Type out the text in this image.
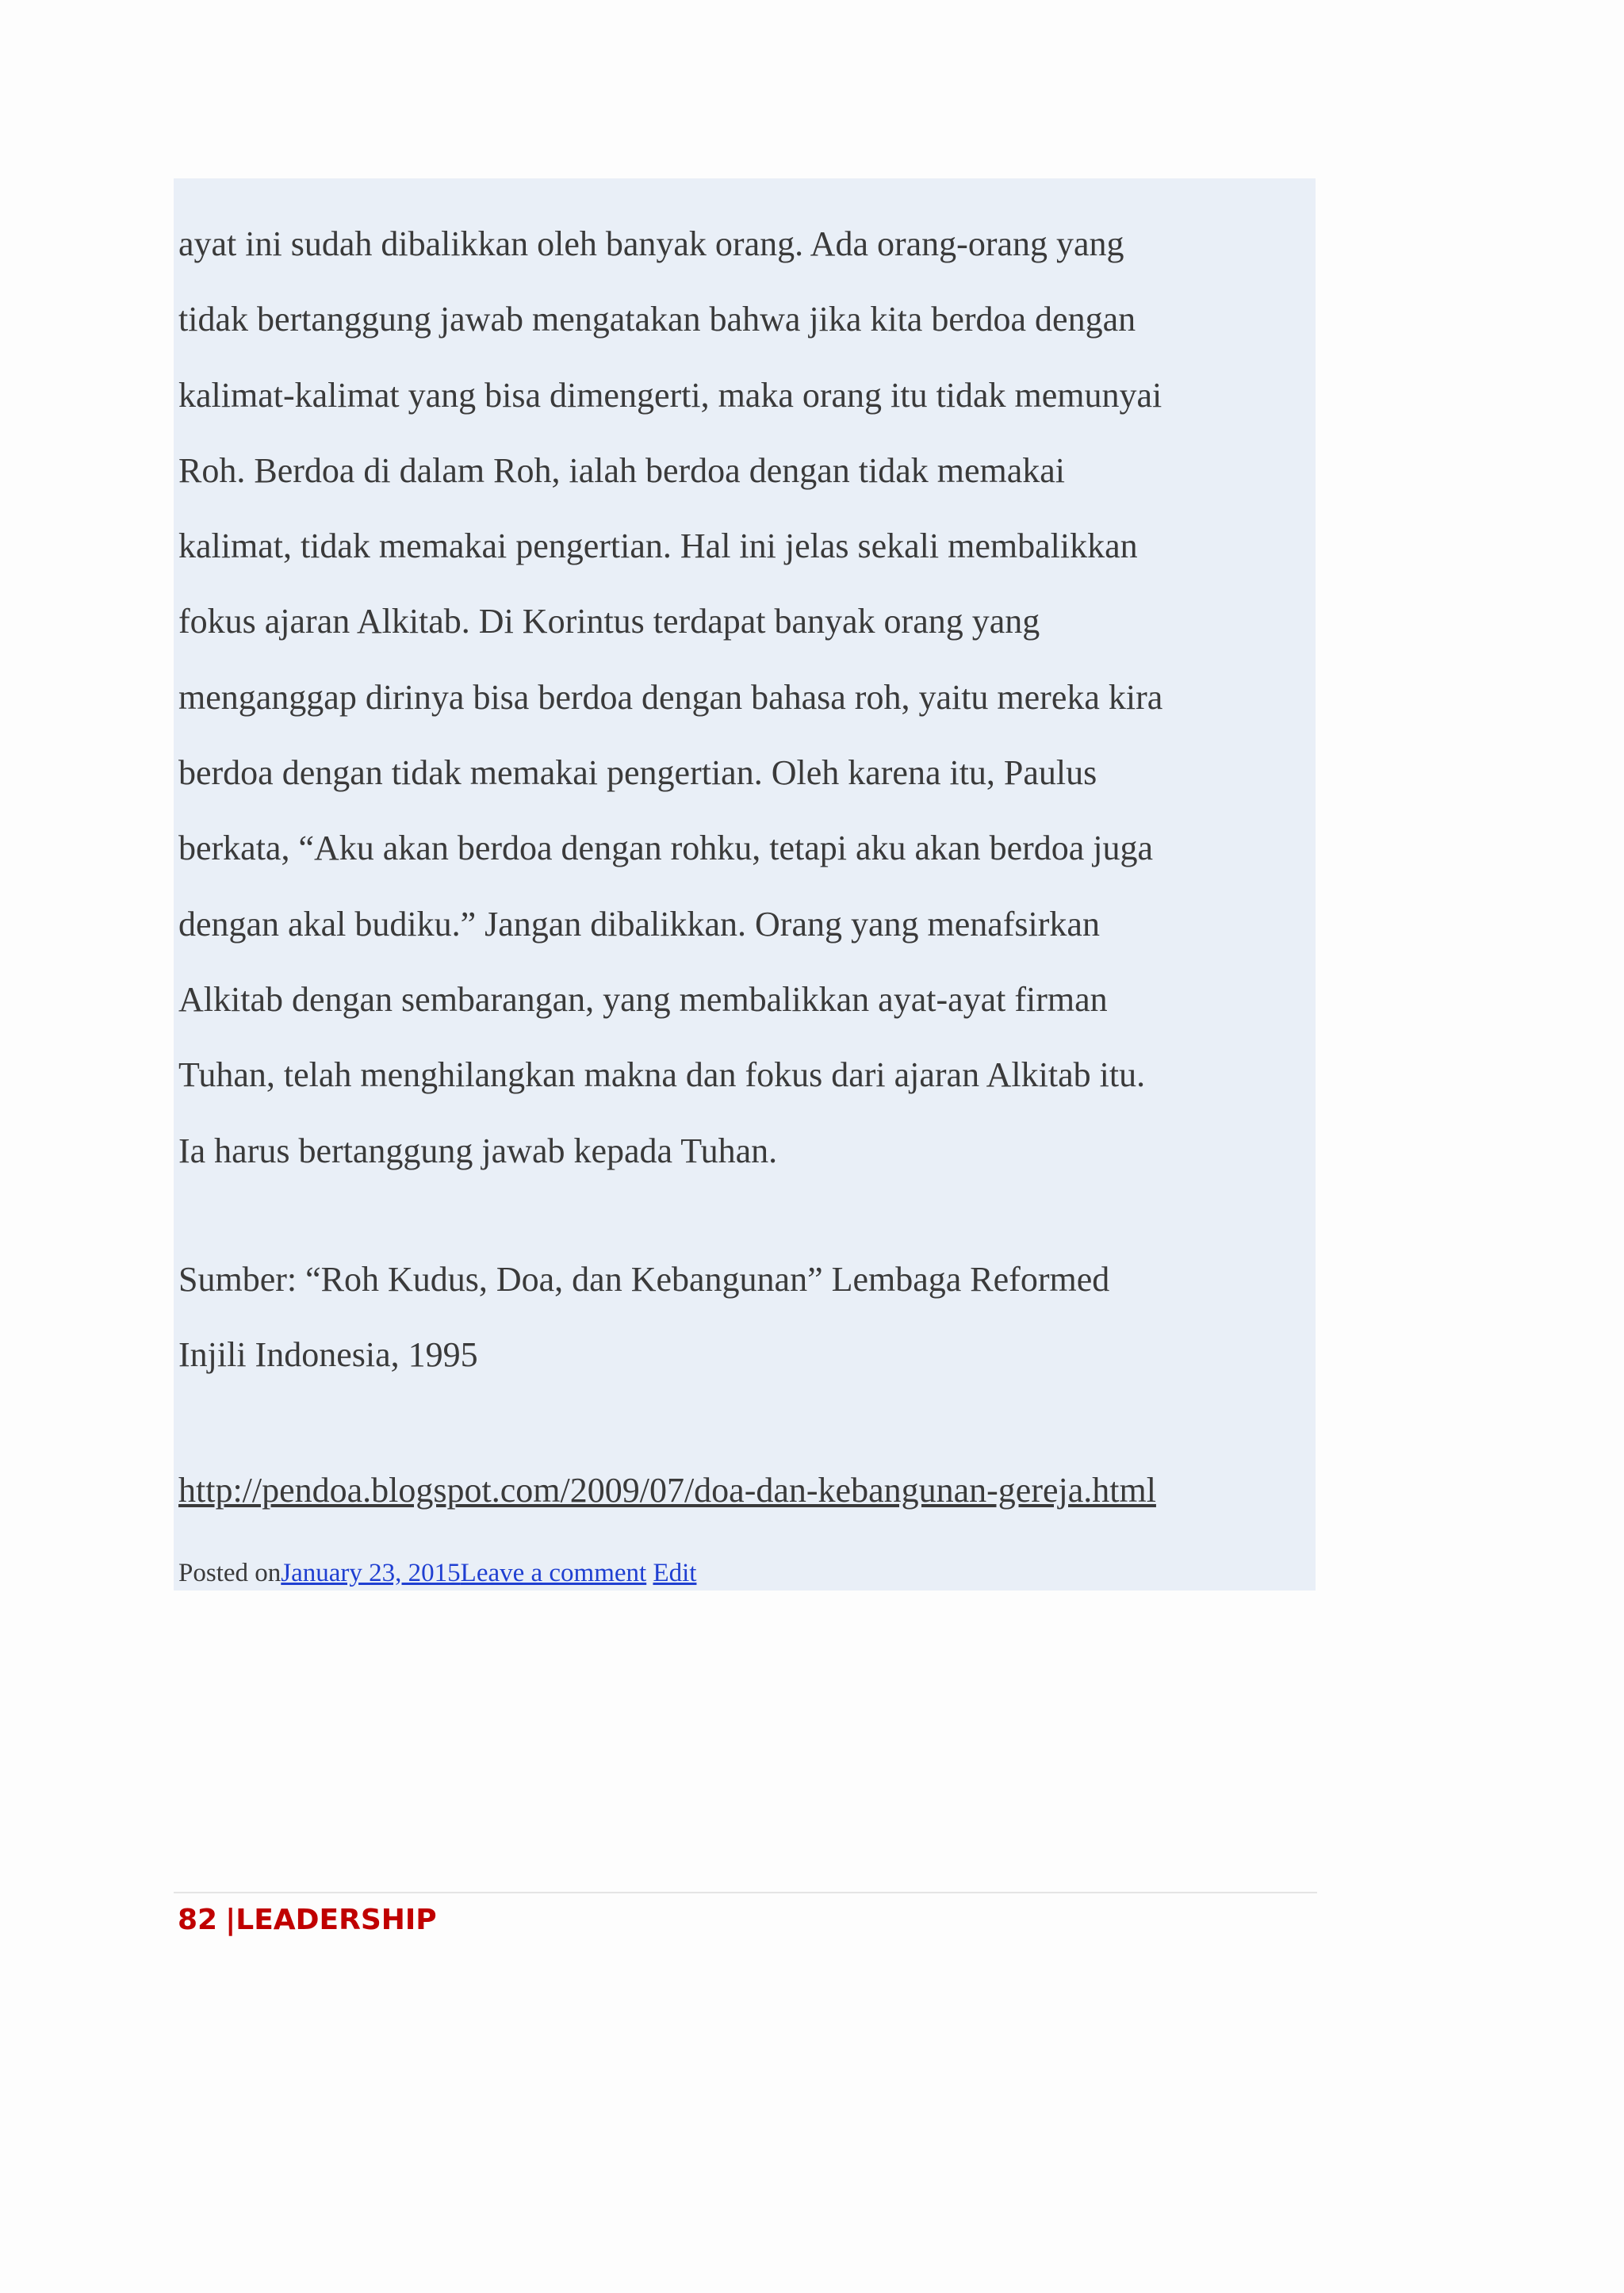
ayat ini sudah dibalikkan oleh banyak orang. Ada orang-orang yang
tidak bertanggung jawab mengatakan bahwa jika kita berdoa dengan
kalimat-kalimat yang bisa dimengerti, maka orang itu tidak memunyai
Roh. Berdoa di dalam Roh, ialah berdoa dengan tidak memakai
kalimat, tidak memakai pengertian. Hal ini jelas sekali membalikkan
fokus ajaran Alkitab. Di Korintus terdapat banyak orang yang
menganggap dirinya bisa berdoa dengan bahasa roh, yaitu mereka kira
berdoa dengan tidak memakai pengertian. Oleh karena itu, Paulus
berkata, “Aku akan berdoa dengan rohku, tetapi aku akan berdoa juga
dengan akal budiku.” Jangan dibalikkan. Orang yang menafsirkan
Alkitab dengan sembarangan, yang membalikkan ayat-ayat firman
Tuhan, telah menghilangkan makna dan fokus dari ajaran Alkitab itu.
Ia harus bertanggung jawab kepada Tuhan.

Sumber: “Roh Kudus, Doa, dan Kebangunan” Lembaga Reformed
Injili Indonesia, 1995

http://pendoa.blogspot.com/2009/07/doa-dan-kebangunan-gereja.html

Posted onJanuary 23, 2015Leave a comment Edit

82 |LEADERSHIP
